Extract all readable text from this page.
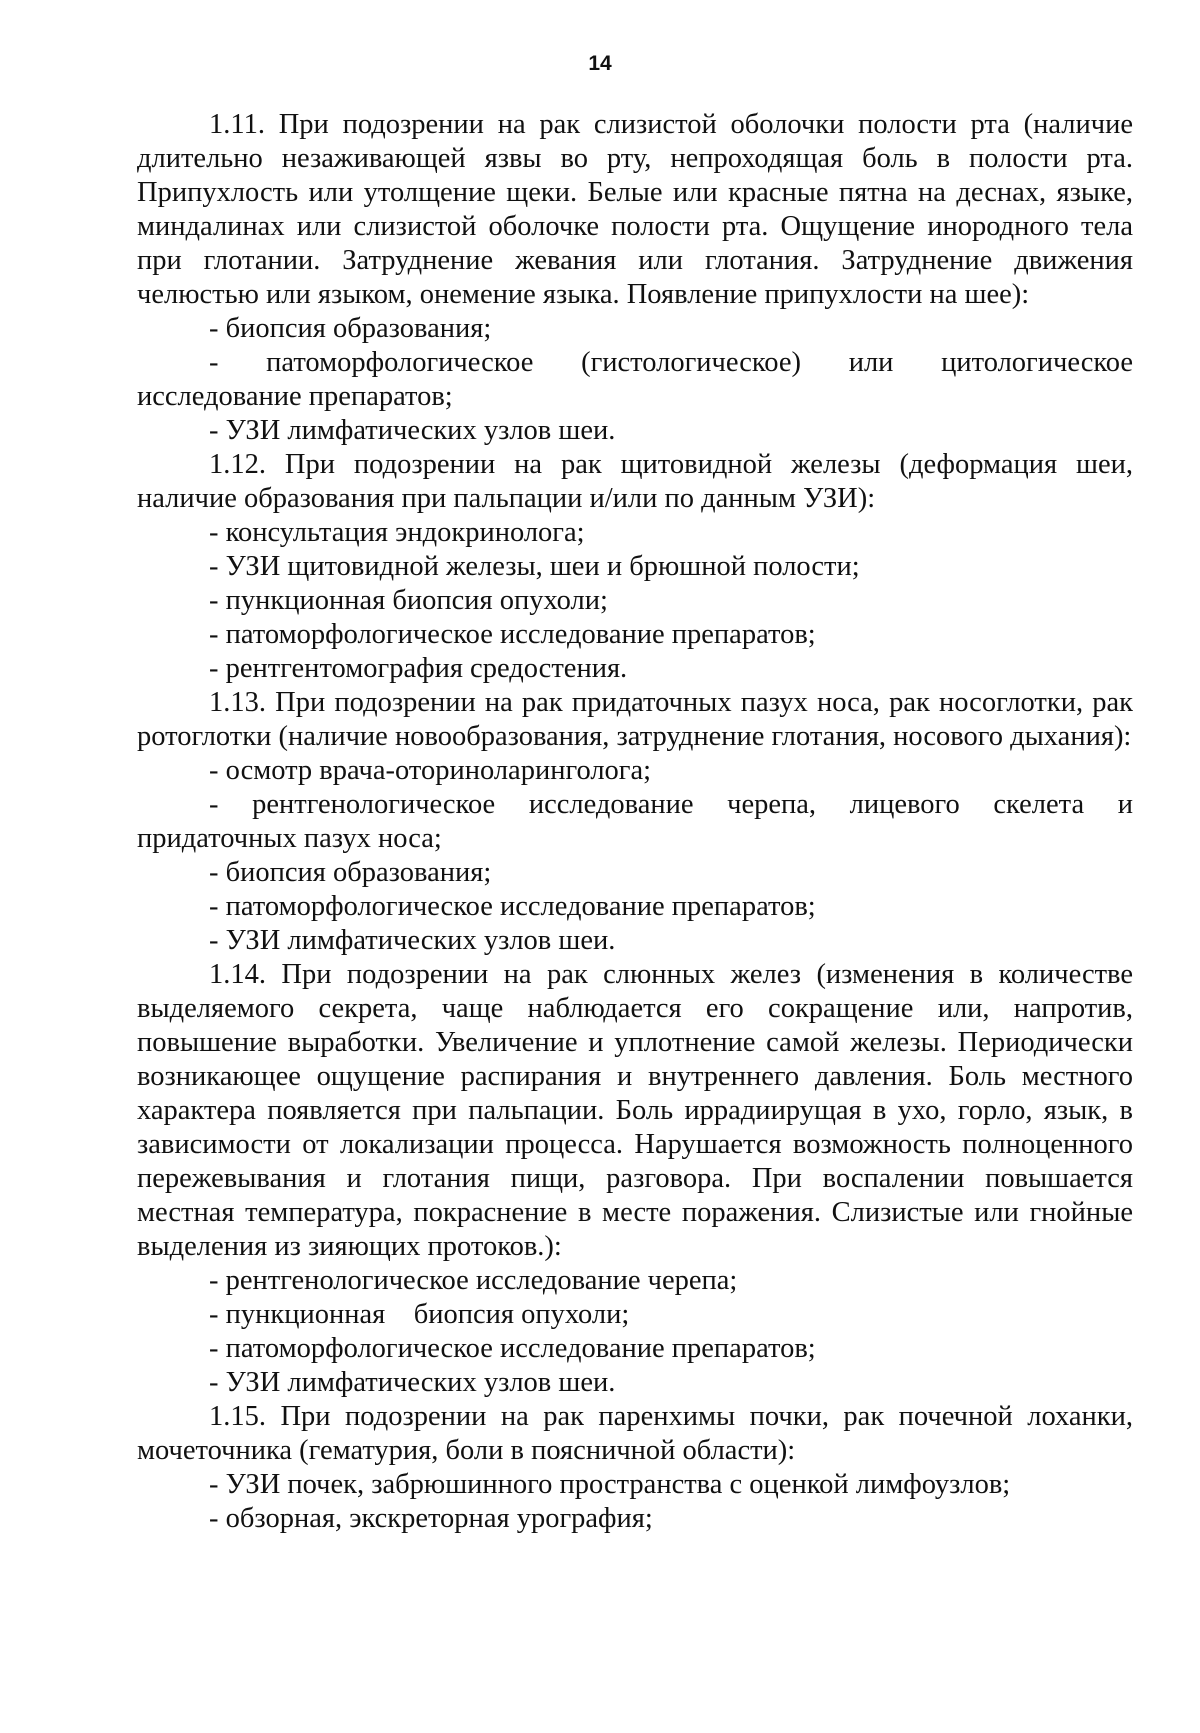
14

1.11. При подозрении на рак слизистой оболочки полости рта (наличие длительно незаживающей язвы во рту, непроходящая боль в полости рта. Припухлость или утолщение щеки. Белые или красные пятна на деснах, языке, миндалинах или слизистой оболочке полости рта. Ощущение инородного тела при глотании. Затруднение жевания или глотания. Затруднение движения челюстью или языком, онемение языка. Появление припухлости на шее):

- биопсия образования;

- патоморфологическое (гистологическое) или цитологическое исследование препаратов;

- УЗИ лимфатических узлов шеи.

1.12. При подозрении на рак щитовидной железы (деформация шеи, наличие образования при пальпации и/или по данным УЗИ):

- консультация эндокринолога;

- УЗИ щитовидной железы, шеи и брюшной полости;

- пункционная биопсия опухоли;

- патоморфологическое исследование препаратов;

- рентгентомография средостения.

1.13. При подозрении на рак придаточных пазух носа, рак носоглотки, рак ротоглотки (наличие новообразования, затруднение глотания, носового дыхания):

- осмотр врача-оториноларинголога;

- рентгенологическое исследование черепа, лицевого скелета и придаточных пазух носа;

- биопсия образования;

- патоморфологическое исследование препаратов;

- УЗИ лимфатических узлов шеи.

1.14. При подозрении на рак слюнных желез (изменения в количестве выделяемого секрета, чаще наблюдается его сокращение или, напротив, повышение выработки. Увеличение и уплотнение самой железы. Периодически возникающее ощущение распирания и внутреннего давления. Боль местного характера появляется при пальпации. Боль иррадиирущая в ухо, горло, язык, в зависимости от локализации процесса. Нарушается возможность полноценного пережевывания и глотания пищи, разговора. При воспалении повышается местная температура, покраснение в месте поражения. Слизистые или гнойные выделения из зияющих протоков.):

- рентгенологическое исследование черепа;

- пункционная    биопсия опухоли;

- патоморфологическое исследование препаратов;

- УЗИ лимфатических узлов шеи.

1.15. При подозрении на рак паренхимы почки, рак почечной лоханки, мочеточника (гематурия, боли в поясничной области):

- УЗИ почек, забрюшинного пространства с оценкой лимфоузлов;

- обзорная, экскреторная урография;
